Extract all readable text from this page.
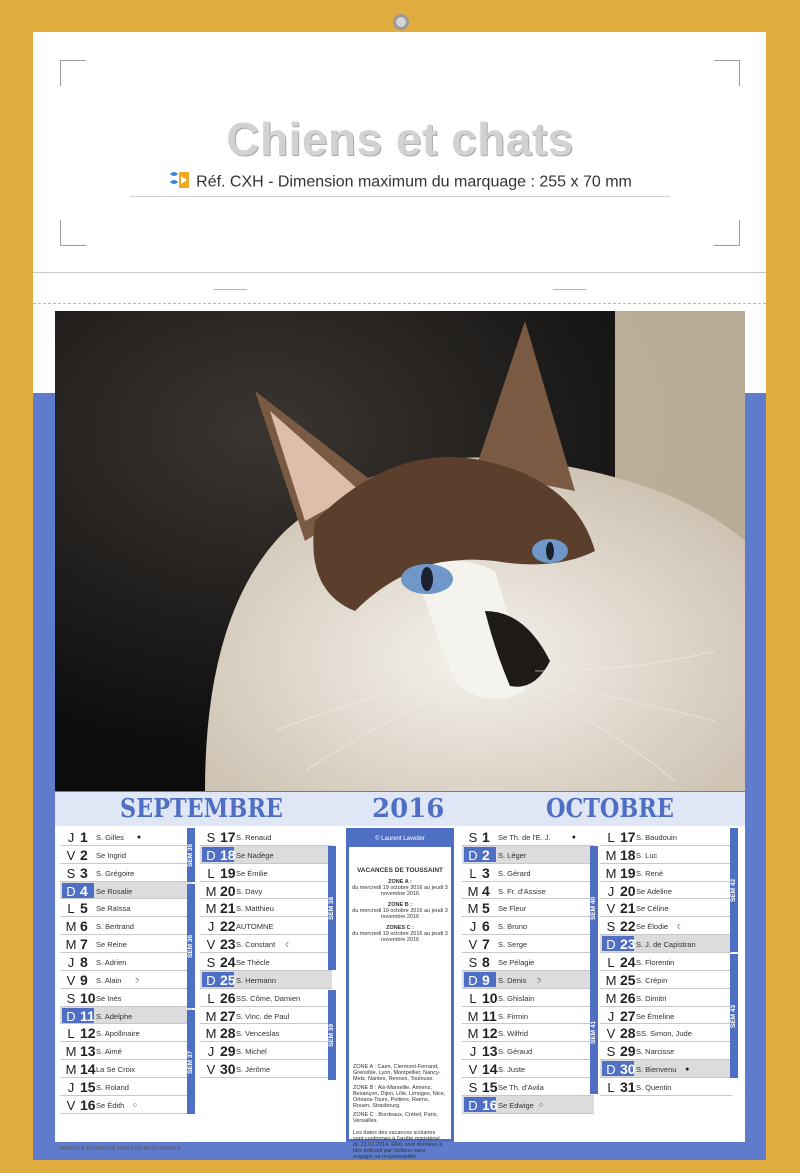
Chiens et chats
Réf. CXH - Dimension maximum du marquage : 255 x 70 mm
SEPTEMBRE	2016	OCTOBRE
J 1	S. Gilles ●
V 2	Se Ingrid
S 3	S. Grégoire
D 4	Se Rosalie
L 5	Se Raïssa
M 6	S. Bertrand
M 7	Se Reine
J 8	S. Adrien
V 9	S. Alain ☽
S 10 Se Inès
D 11 S. Adelphe
L 12 S. Apollinaire
M 13 S. Aimé
M 14 La Se Croix
J 15 S. Roland
V 16 Se Édith ○
S 17 S. Renaud
D 18 Se Nadège
L 19 Se Émilie
M 20 S. Davy
M 21 S. Matthieu
J 22 AUTOMNE
V 23 S. Constant ☾
S 24 Se Thècle
D 25 S. Hermann
L 26 SS. Côme, Damien
M 27 S. Vinc. de Paul
M 28 S. Venceslas
J 29 S. Michel
V 30 S. Jérôme
S 1	Se Th. de l'E. J.	●
D 2	S. Léger
L 3	S. Gérard
M 4	S. Fr. d'Assise
M 5	Se Fleur
J 6	S. Bruno
V 7	S. Serge
S 8	Se Pélagie
D 9	S. Denis ☽
L 10 S. Ghislain
M 11 S. Firmin
M 12 S. Wilfrid
J 13 S. Géraud
V 14 S. Juste
S 15 Se Th. d'Avila
D 16 Se Edwige ○
L 17 S. Baudouin
M 18 S. Luc
M 19 S. René
J 20 Se Adeline
V 21 Se Céline
S 22 Se Élodie ☾
D 23 S. J. de Capistran
L 24 S. Florentin
M 25 S. Crépin
M 26 S. Dimitri
J 27 Se Émeline
V 28 SS. Simon, Jude
S 29 S. Narcisse
D 30 S. Bienvenu ●
L 31 S. Quentin
SEM 35
SEM 36
SEM 37
SEM 38
SEM 39
SEM 40
SEM 41
SEM 42
SEM 43
© Laurent Laveder
VACANCES DE TOUSSAINT
ZONE A :
du mercredi 19 octobre 2016 au jeudi 3 novembre 2016
ZONE B :
du mercredi 19 octobre 2016 au jeudi 3 novembre 2016
ZONES C :
du mercredi 19 octobre 2016 au jeudi 3 novembre 2016
ZONE A : Caen, Clermont-Ferrand, Grenoble, Lyon, Montpellier, Nancy-Metz, Nantes, Rennes, Toulouse.
ZONE B : Aix-Marseille, Amiens, Besançon, Dijon, Lille, Limoges, Nice, Orléans-Tours, Poitiers, Reims, Rouen, Strasbourg.
ZONE C : Bordeaux, Créteil, Paris, Versailles.
Les dates des vacances scolaires sont conformes à l'arrêté ministériel du 21.01.2014. Elles sont données à titre indicatif par l'éditeur sans engager sa responsabilité.
FABRIQUE EN FRANCE 100% ECO-RESPONSABLE
